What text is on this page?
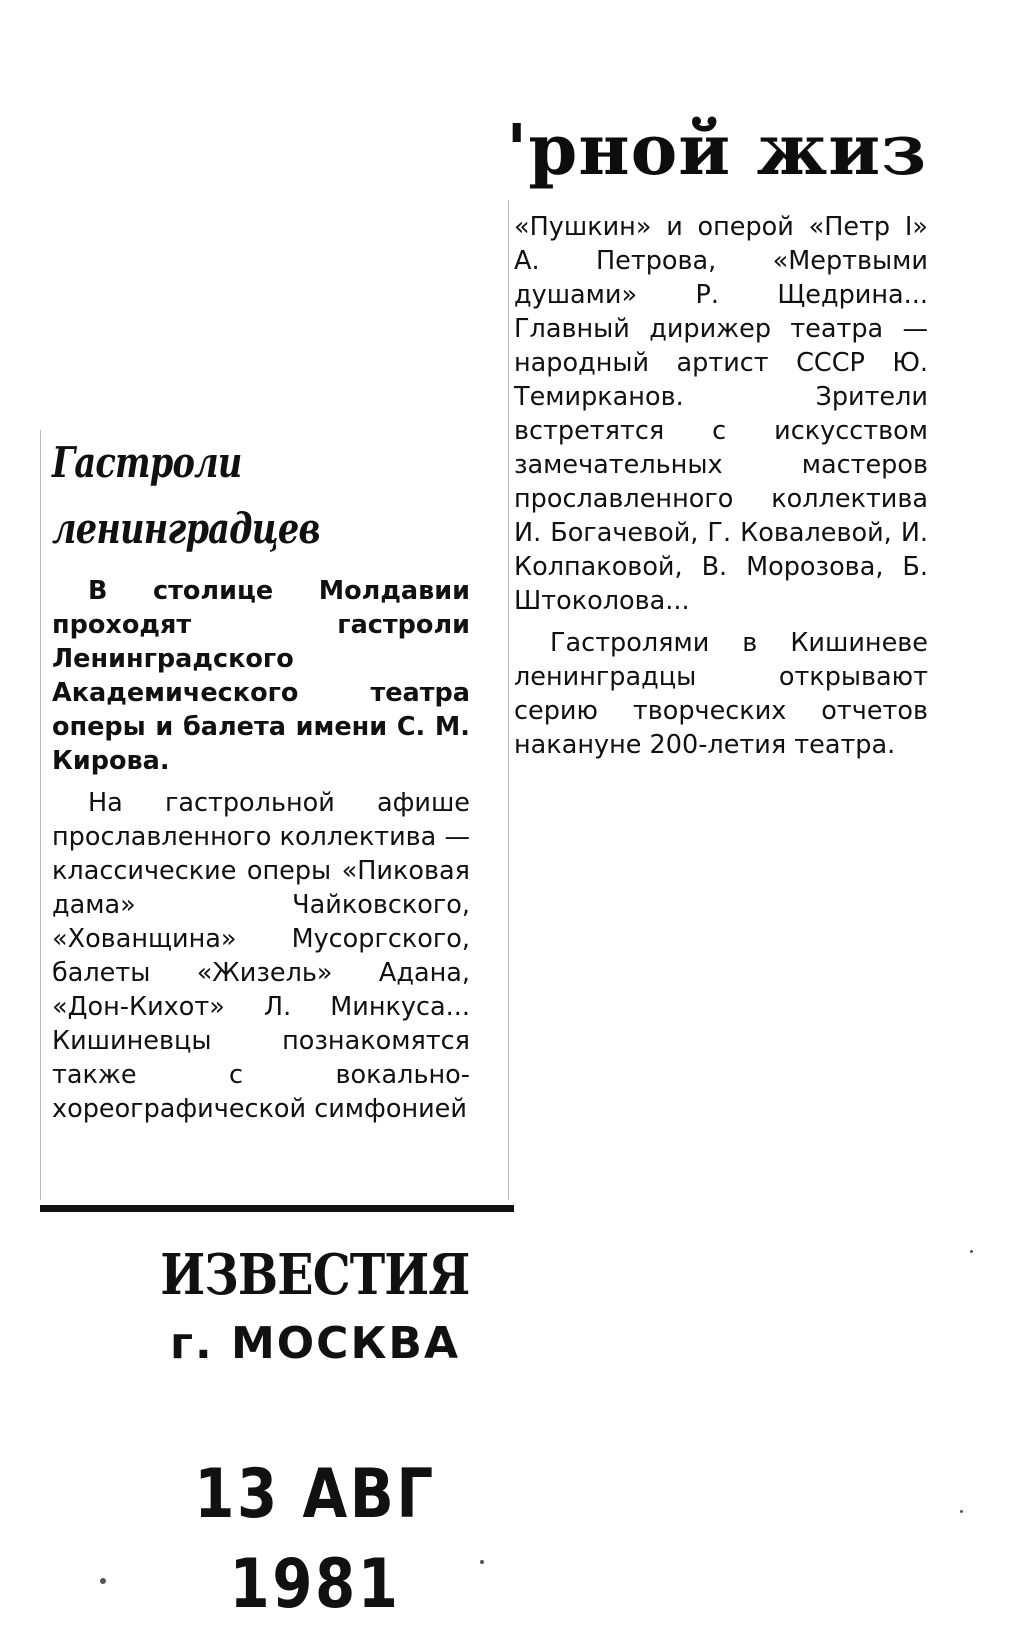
'рной жиз

Гастроли

ленинградцев

В столице Молдавии проходят гастроли Ленинградского Академического театра оперы и балета имени С. М. Кирова.

На гастрольной афише прославленного коллектива — классические оперы «Пиковая дама» Чайковского, «Хованщина» Мусоргского, балеты «Жизель» Адана, «Дон-Кихот» Л. Минкуса... Кишиневцы познакомятся также с вокально-хореографической симфонией

«Пушкин» и оперой «Петр I» А. Петрова, «Мертвыми душами» Р. Щедрина... Главный дирижер театра — народный артист СССР Ю. Темирканов. Зрители встретятся с искусством замечательных мастеров прославленного коллектива И. Богачевой, Г. Ковалевой, И. Колпаковой, В. Морозова, Б. Штоколова...

Гастролями в Кишиневе ленинградцы открывают серию творческих отчетов накануне 200-летия театра.

ИЗВЕСТИЯ
г. МОСКВА
13 АВГ 1981
